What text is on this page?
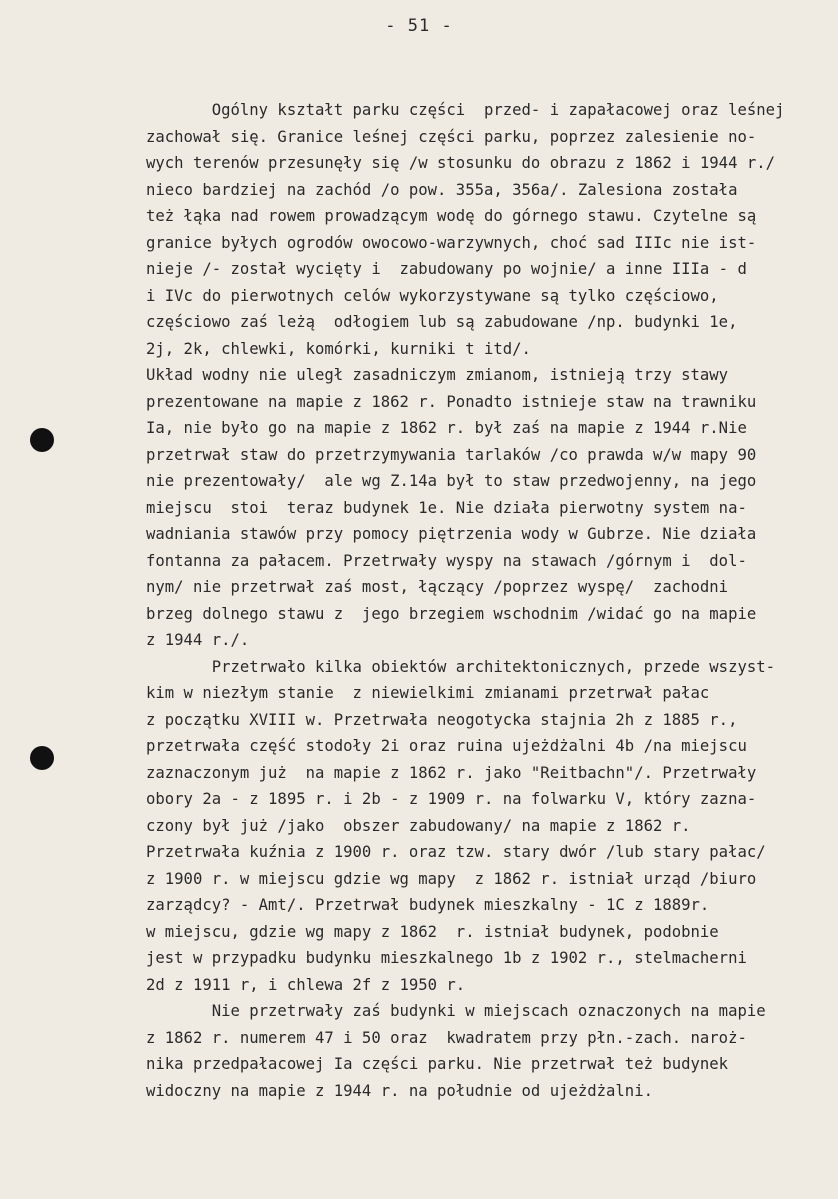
- 51 -
Ogólny kształt parku części  przed- i zapałacowej oraz leśnej
zachował się. Granice leśnej części parku, poprzez zalesienie no-
wych terenów przesunęły się /w stosunku do obrazu z 1862 i 1944 r./
nieco bardziej na zachód /o pow. 355a, 356a/. Zalesiona została
też łąka nad rowem prowadzącym wodę do górnego stawu. Czytelne są
granice byłych ogrodów owocowo-warzywnych, choć sad IIIc nie ist-
nieje /- został wycięty i  zabudowany po wojnie/ a inne IIIa - d
i IVc do pierwotnych celów wykorzystywane są tylko częściowo,
częściowo zaś leżą  odłogiem lub są zabudowane /np. budynki 1e,
2j, 2k, chlewki, komórki, kurniki t itd/.
Układ wodny nie uległ zasadniczym zmianom, istnieją trzy stawy
prezentowane na mapie z 1862 r. Ponadto istnieje staw na trawniku
Ia, nie było go na mapie z 1862 r. był zaś na mapie z 1944 r.Nie
przetrwał staw do przetrzymywania tarlaków /co prawda w/w mapy 90
nie prezentowały/  ale wg Z.14a był to staw przedwojenny, na jego
miejscu  stoi  teraz budynek 1e. Nie działa pierwotny system na-
wadniania stawów przy pomocy piętrzenia wody w Gubrze. Nie działa
fontanna za pałacem. Przetrwały wyspy na stawach /górnym i  dol-
nym/ nie przetrwał zaś most, łączący /poprzez wyspę/  zachodni
brzeg dolnego stawu z  jego brzegiem wschodnim /widać go na mapie
z 1944 r./.
Przetrwało kilka obiektów architektonicznych, przede wszyst-
kim w niezłym stanie  z niewielkimi zmianami przetrwał pałac
z początku XVIII w. Przetrwała neogotycka stajnia 2h z 1885 r.,
przetrwała część stodoły 2i oraz ruina ujeżdżalni 4b /na miejscu
zaznaczonym już  na mapie z 1862 r. jako "Reitbachn"/. Przetrwały
obory 2a - z 1895 r. i 2b - z 1909 r. na folwarku V, który zazna-
czony był już /jako  obszer zabudowany/ na mapie z 1862 r.
Przetrwała kuźnia z 1900 r. oraz tzw. stary dwór /lub stary pałac/
z 1900 r. w miejscu gdzie wg mapy  z 1862 r. istniał urząd /biuro
zarządcy? - Amt/. Przetrwał budynek mieszkalny - 1C z 1889r.
w miejscu, gdzie wg mapy z 1862  r. istniał budynek, podobnie
jest w przypadku budynku mieszkalnego 1b z 1902 r., stelmacherni
2d z 1911 r, i chlewa 2f z 1950 r.
Nie przetrwały zaś budynki w miejscach oznaczonych na mapie
z 1862 r. numerem 47 i 50 oraz  kwadratem przy płn.-zach. naroż-
nika przedpałacowej Ia części parku. Nie przetrwał też budynek
widoczny na mapie z 1944 r. na południe od ujeżdżalni.
